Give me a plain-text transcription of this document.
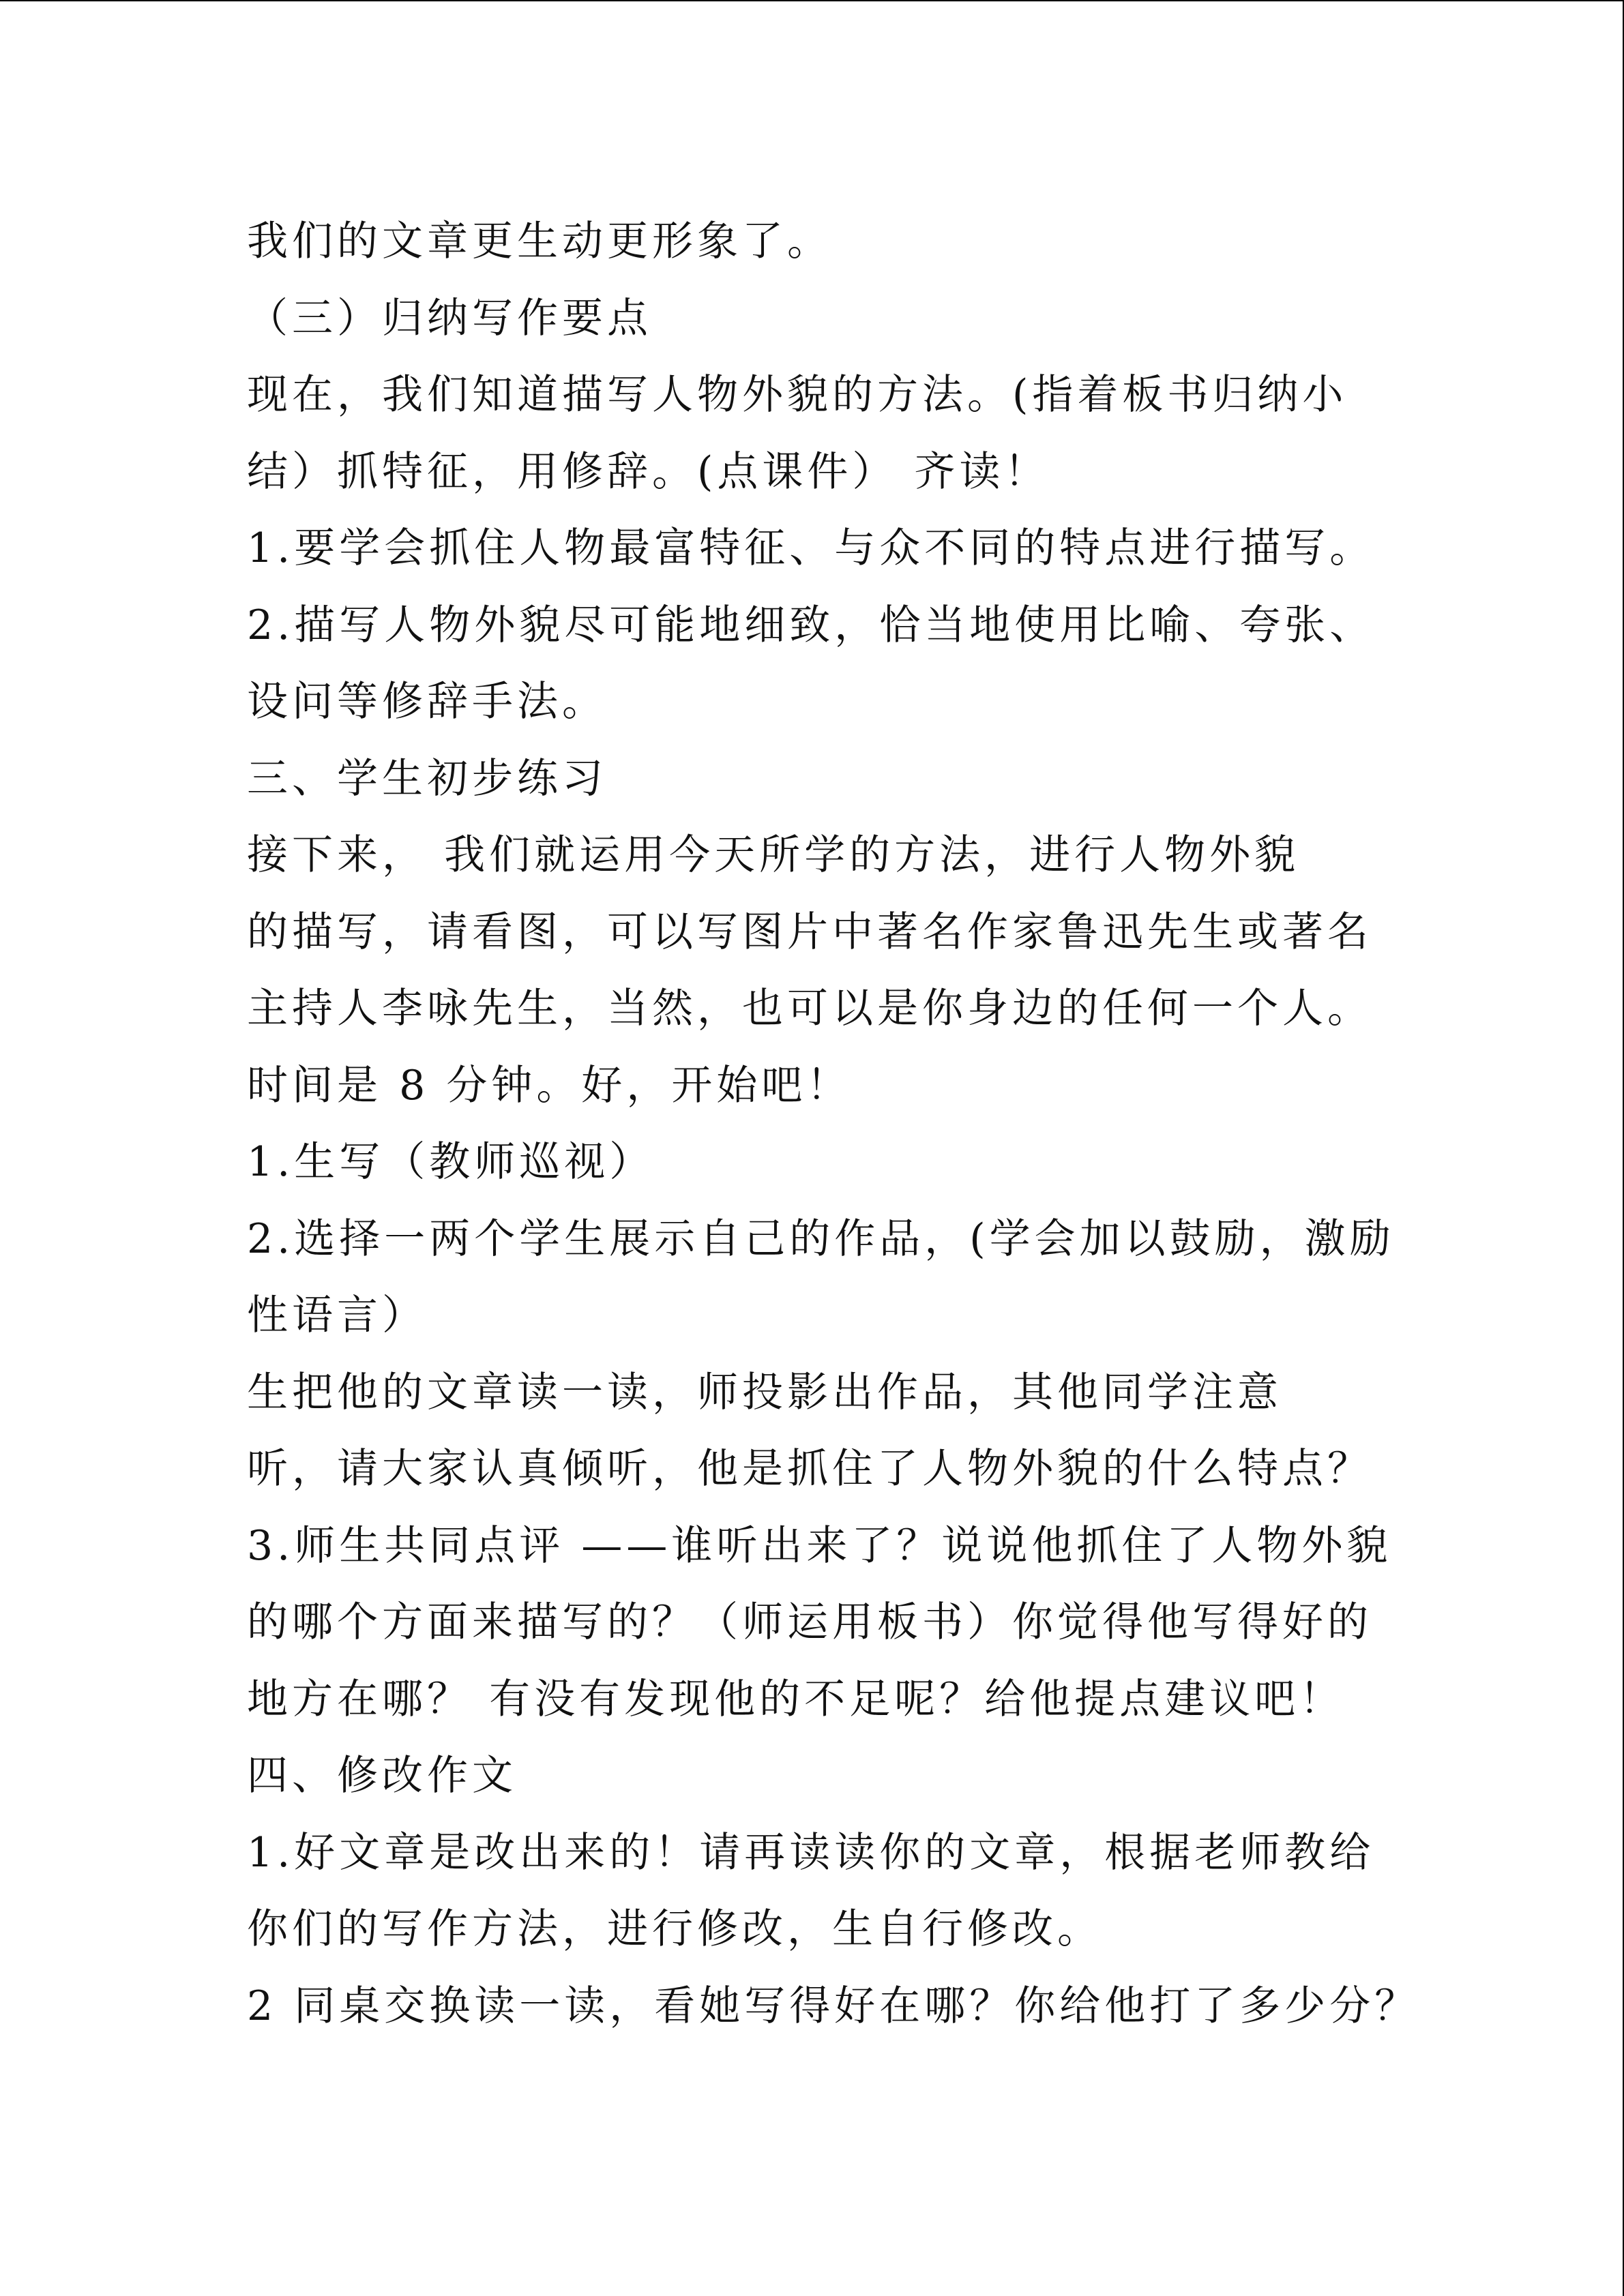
我们的文章更生动更形象了。
（三）归纳写作要点
现在，我们知道描写人物外貌的方法。(指着板书归纳小
结）抓特征，用修辞。(点课件） 齐读！
1.要学会抓住人物最富特征、与众不同的特点进行描写。
2.描写人物外貌尽可能地细致，恰当地使用比喻、夸张、
设问等修辞手法。
三、学生初步练习
接下来， 我们就运用今天所学的方法，进行人物外貌
的描写，请看图，可以写图片中著名作家鲁迅先生或著名
主持人李咏先生，当然，也可以是你身边的任何一个人。
时间是 8 分钟。好，开始吧！
1.生写（教师巡视）
2.选择一两个学生展示自己的作品，(学会加以鼓励，激励
性语言）
生把他的文章读一读，师投影出作品，其他同学注意
听，请大家认真倾听，他是抓住了人物外貌的什么特点？
3.师生共同点评 ——谁听出来了？说说他抓住了人物外貌
的哪个方面来描写的？（师运用板书）你觉得他写得好的
地方在哪？ 有没有发现他的不足呢？给他提点建议吧！
四、修改作文
1.好文章是改出来的！请再读读你的文章，根据老师教给
你们的写作方法，进行修改，生自行修改。
2 同桌交换读一读，看她写得好在哪？你给他打了多少分？
